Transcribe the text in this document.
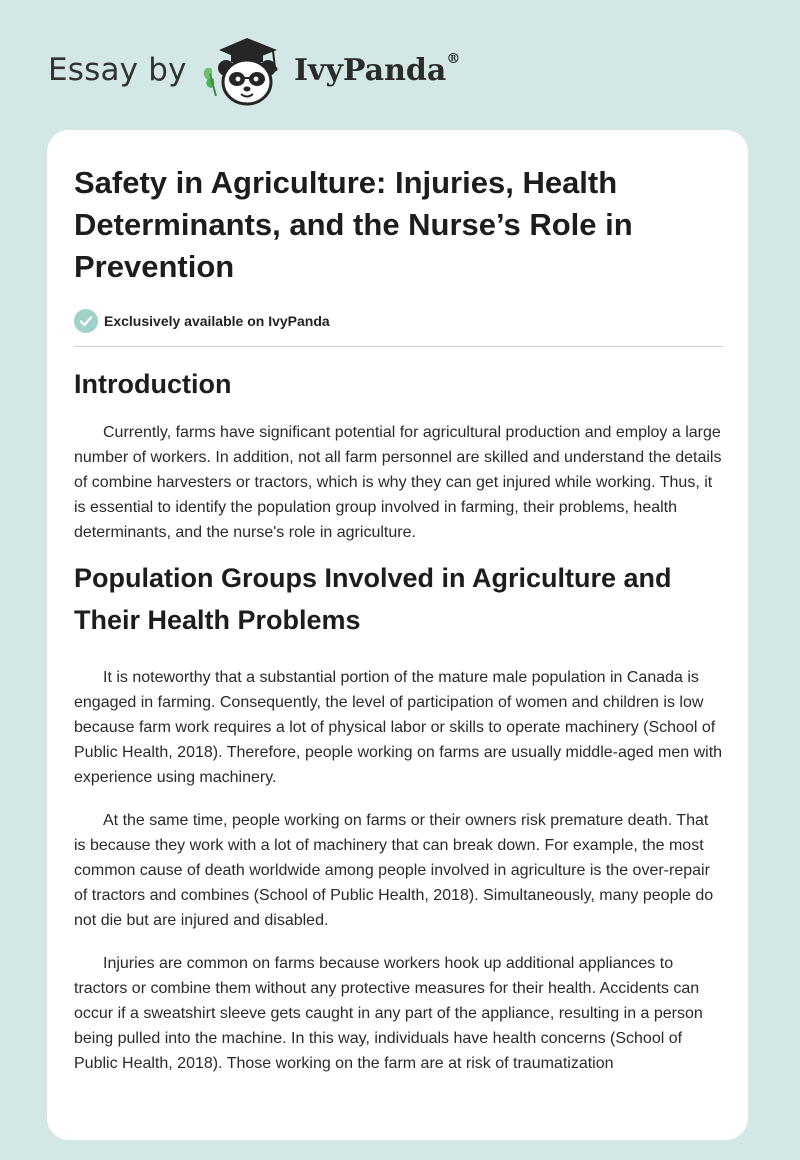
Essay by	IvyPanda®
Safety in Agriculture: Injuries, Health Determinants, and the Nurse’s Role in Prevention
Exclusively available on IvyPanda
Introduction

Currently, farms have significant potential for agricultural production and employ a large number of workers. In addition, not all farm personnel are skilled and understand the details of combine harvesters or tractors, which is why they can get injured while working. Thus, it is essential to identify the population group involved in farming, their problems, health determinants, and the nurse's role in agriculture.

Population Groups Involved in Agriculture and Their Health Problems

It is noteworthy that a substantial portion of the mature male population in Canada is engaged in farming. Consequently, the level of participation of women and children is low because farm work requires a lot of physical labor or skills to operate machinery (School of Public Health, 2018). Therefore, people working on farms are usually middle-aged men with experience using machinery.

At the same time, people working on farms or their owners risk premature death. That is because they work with a lot of machinery that can break down. For example, the most common cause of death worldwide among people involved in agriculture is the over-repair of tractors and combines (School of Public Health, 2018). Simultaneously, many people do not die but are injured and disabled.

Injuries are common on farms because workers hook up additional appliances to tractors or combine them without any protective measures for their health. Accidents can occur if a sweatshirt sleeve gets caught in any part of the appliance, resulting in a person being pulled into the machine. In this way, individuals have health concerns (School of Public Health, 2018). Those working on the farm are at risk of traumatization
